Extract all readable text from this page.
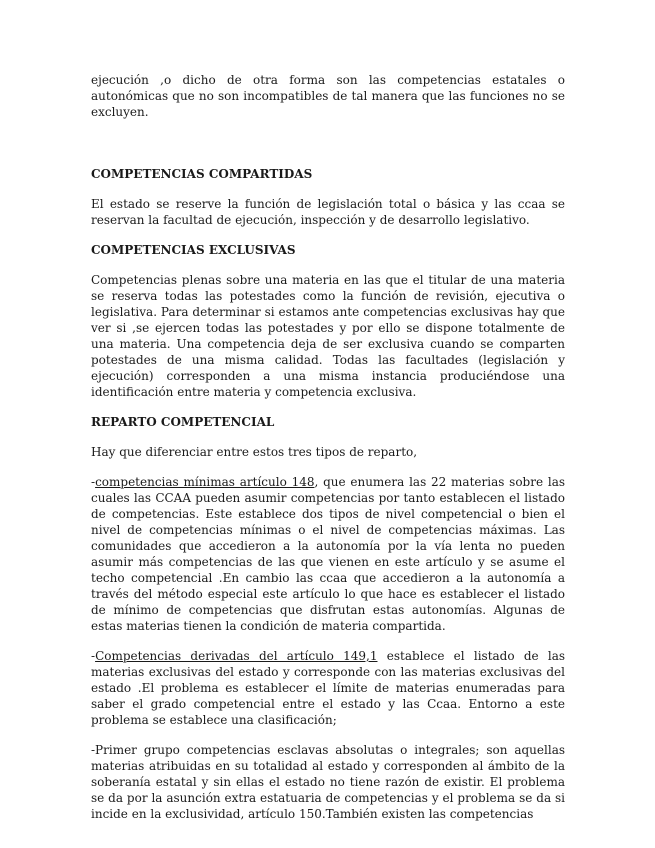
ejecución ,o dicho de otra forma son las competencias estatales o autonómicas que no son incompatibles de tal manera que las funciones no se excluyen.

COMPETENCIAS COMPARTIDAS

El estado se reserve la función de legislación total o básica y las ccaa se reservan la facultad de ejecución, inspección y de desarrollo legislativo.

COMPETENCIAS EXCLUSIVAS

Competencias plenas sobre una materia en las que el titular de una materia se reserva todas las potestades como la función de revisión, ejecutiva o legislativa. Para determinar si estamos ante competencias exclusivas hay que ver si ,se ejercen todas las potestades y por ello se dispone totalmente de una materia. Una competencia deja de ser exclusiva cuando se comparten potestades de una misma calidad. Todas las facultades (legislación y ejecución) corresponden a una misma instancia produciéndose una identificación entre materia y competencia exclusiva.

REPARTO COMPETENCIAL

Hay que diferenciar entre estos tres tipos de reparto,

-competencias mínimas artículo 148, que enumera las 22 materias sobre las cuales las CCAA pueden asumir competencias por tanto establecen el listado de competencias. Este establece dos tipos de nivel competencial o bien el nivel de competencias mínimas o el nivel de competencias máximas. Las comunidades que accedieron a la autonomía por la vía lenta no pueden asumir más competencias de las que vienen en este artículo y se asume el techo competencial .En cambio las ccaa que accedieron a la autonomía a través del método especial este artículo lo que hace es establecer el listado de mínimo de competencias que disfrutan estas autonomías. Algunas de estas materias tienen la condición de materia compartida.

-Competencias derivadas del artículo 149,1 establece el listado de las materias exclusivas del estado y corresponde con las materias exclusivas del estado .El problema es establecer el límite de materias enumeradas para saber el grado competencial entre el estado y las Ccaa. Entorno a este problema se establece una clasificación;

-Primer grupo competencias esclavas absolutas o integrales; son aquellas materias atribuidas en su totalidad al estado y corresponden al ámbito de la soberanía estatal y sin ellas el estado no tiene razón de existir. El problema se da por la asunción extra estatuaria de competencias y el problema se da si incide en la exclusividad, artículo 150.También existen las competencias
